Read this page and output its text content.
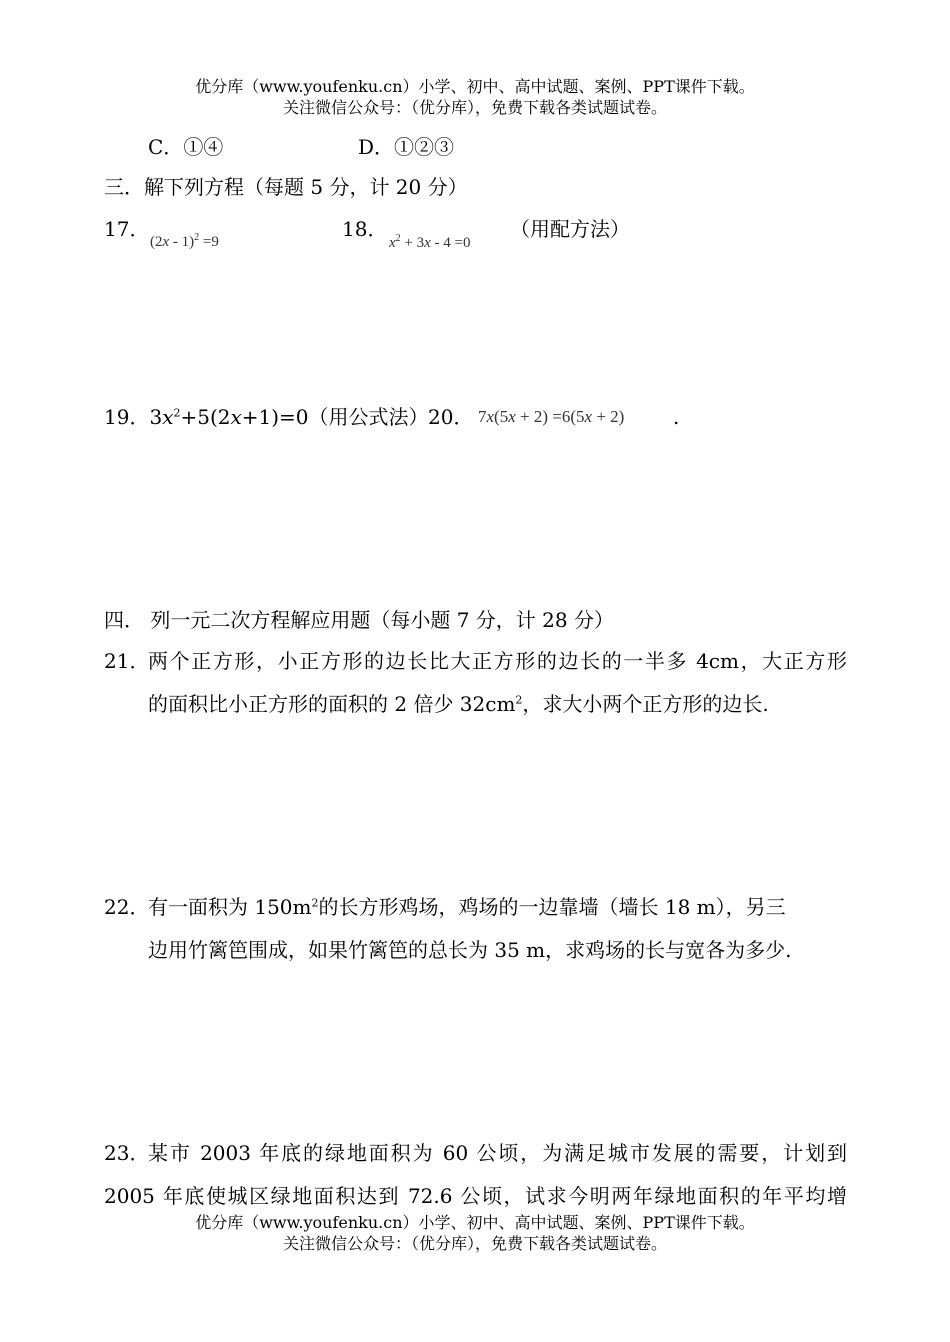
优分库（www.youfenku.cn）小学、初中、高中试题、案例、PPT课件下载。
关注微信公众号：（优分库），免费下载各类试题试卷。
C．①④	D．①②③
三．解下列方程（每题 5 分，计 20 分）
17．
(2x - 1)$^2$ =9
18．
$x^2 + 3x - 4 =0$
（用配方法）
19．$3x^2+5(2x+1)=0$（用公式法） 20． 7x(5x + 2) =6(5x + 2) .
四． 列一元二次方程解应用题（每小题 7 分，计 28 分）
21．
两个正方形，小正方形的边长比大正方形的边长的一半多 4cm，大正方形
的面积比小正方形的面积的 2 倍少 $32cm^2$，求大小两个正方形的边长.
22．
有一面积为 $150m^2$的长方形鸡场，鸡场的一边靠墙（墙长 18 m），另三
边用竹篱笆围成，如果竹篱笆的总长为 35 m，求鸡场的长与宽各为多少.
23．
某市 2003 年底的绿地面积为 60 公顷，为满足城市发展的需要，计划到
2005 年底使城区绿地面积达到 72.6 公顷，试求今明两年绿地面积的年平均增
优分库（www.youfenku.cn）小学、初中、高中试题、案例、PPT课件下载。
关注微信公众号：（优分库），免费下载各类试题试卷。
